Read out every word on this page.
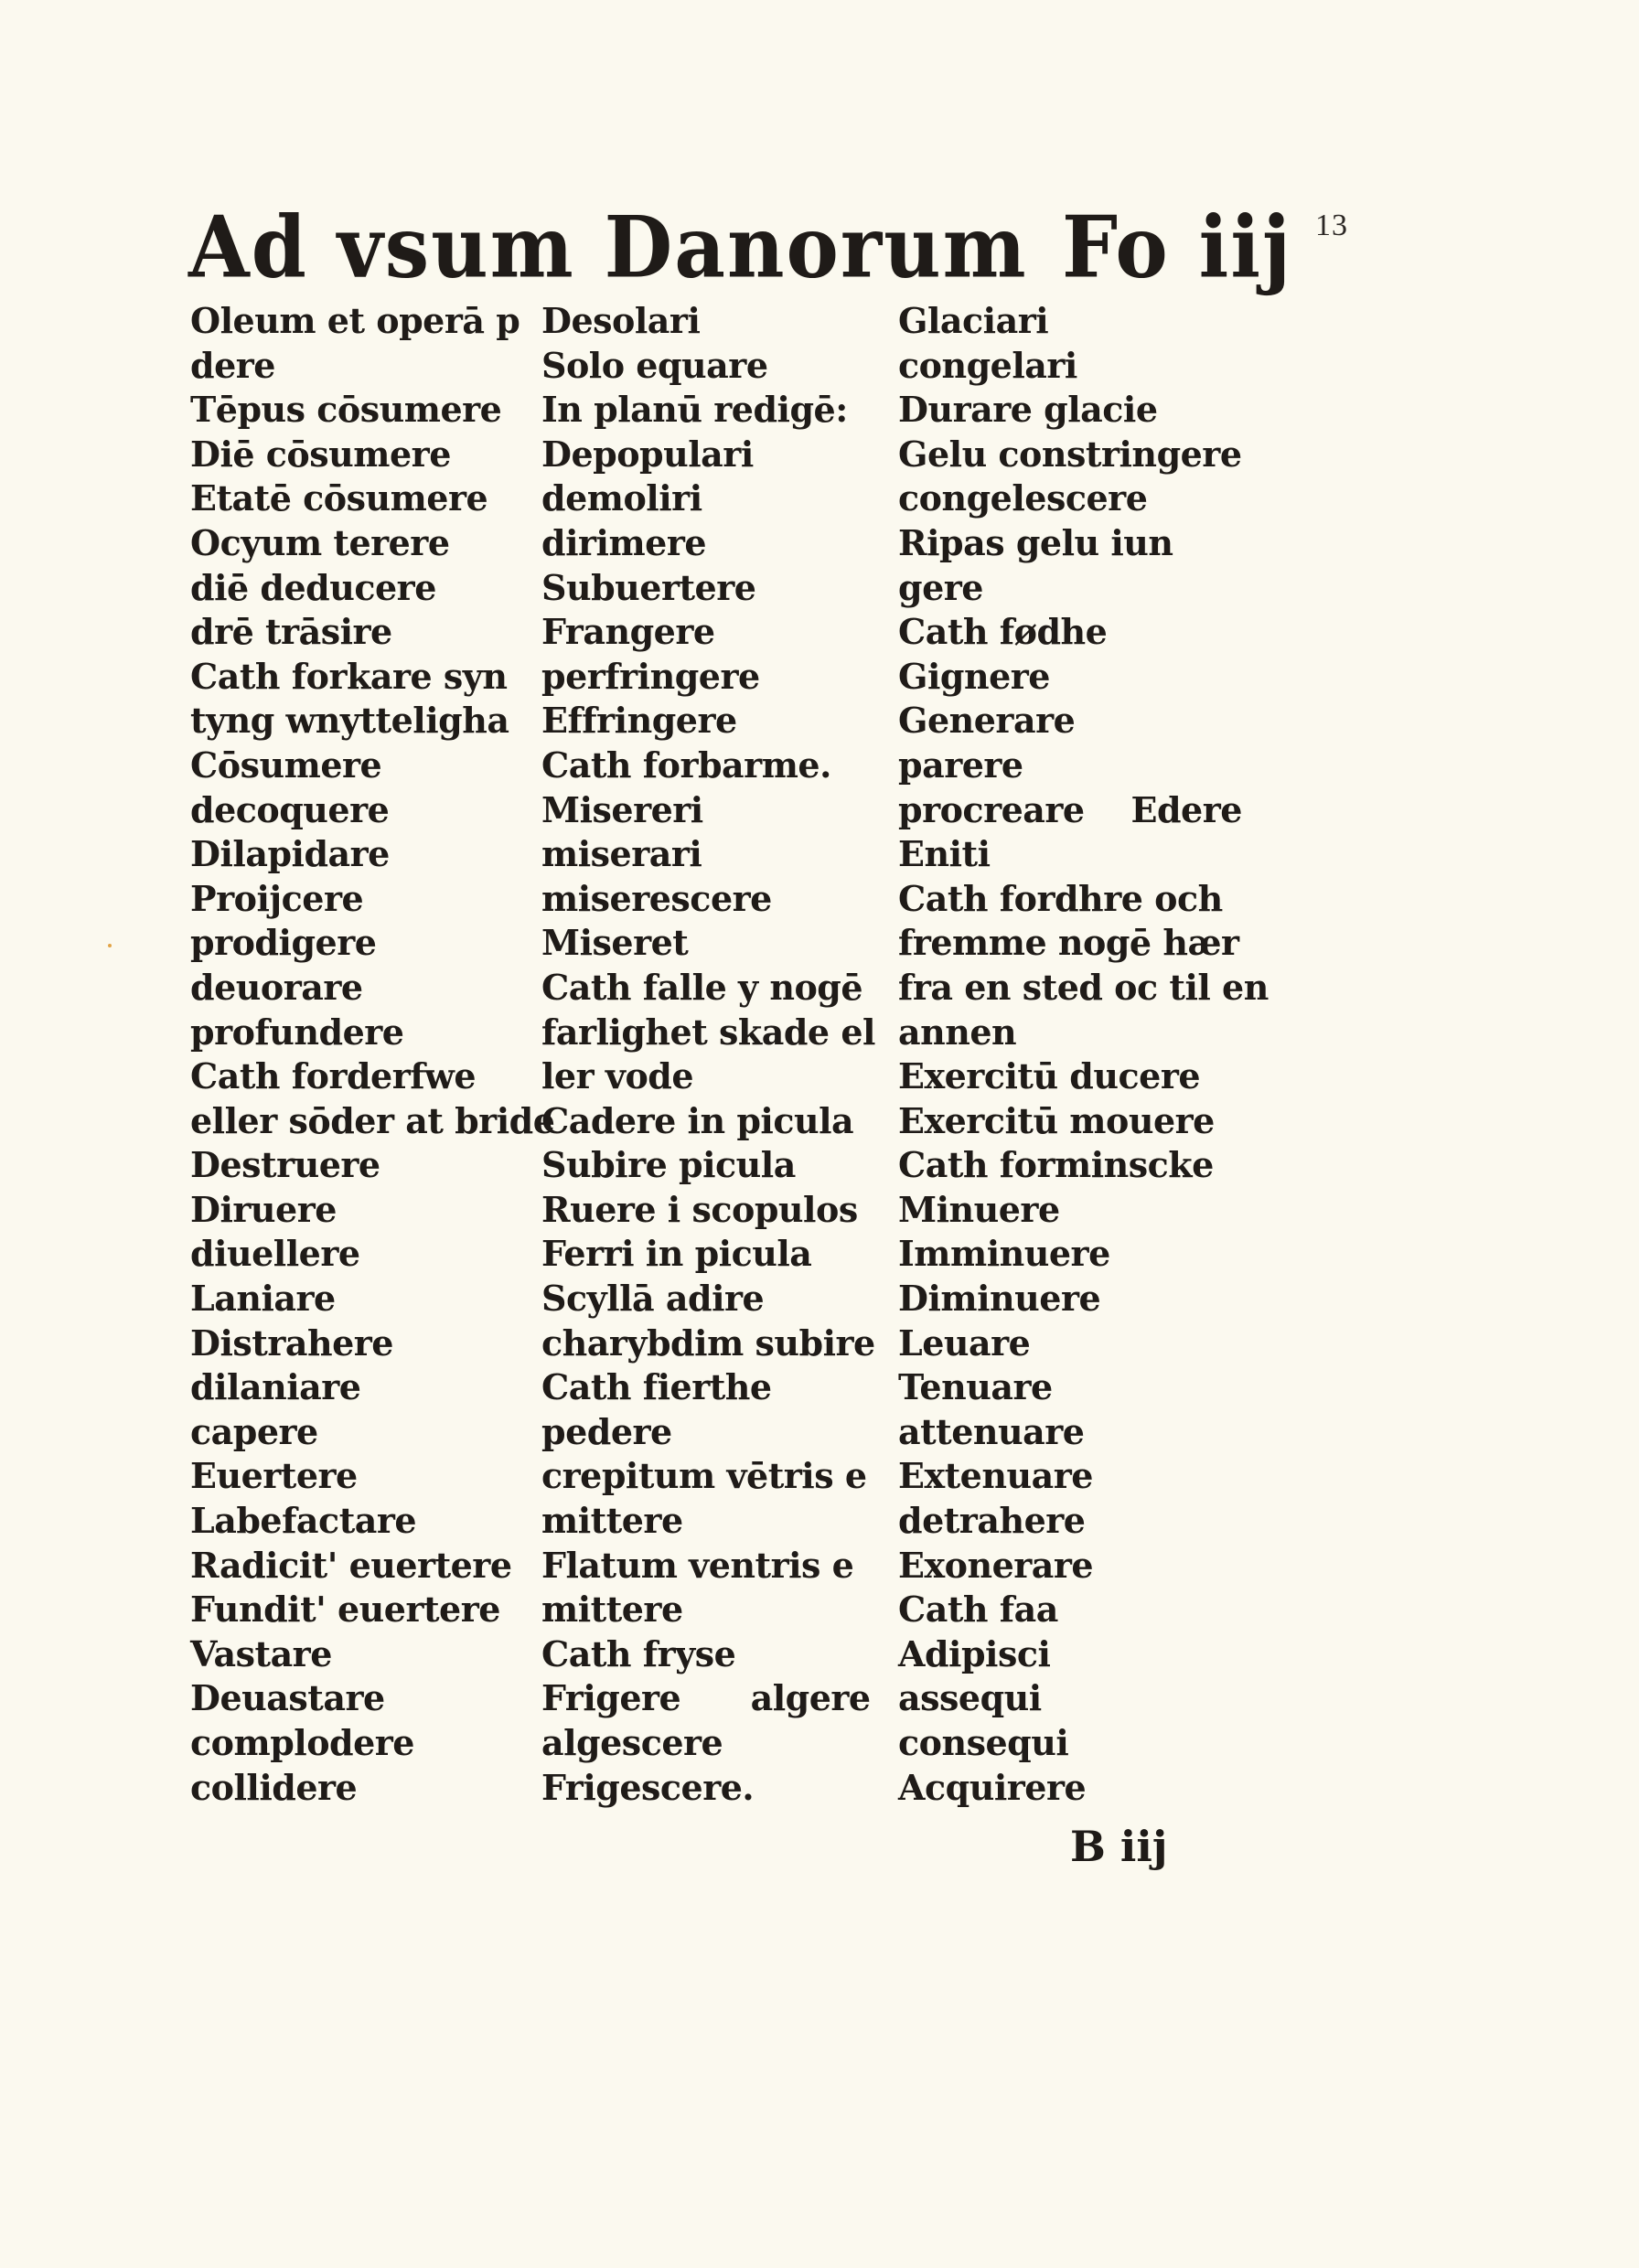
13
Ad vsum Danorum Fo iij
Oleum et operā p
dere
Tēpus cōsumere
Diē cōsumere
Etatē cōsumere
Ocyum terere
diē deducere
drē trāsire
Cath forkare syn
tyng wnytteligha
Cōsumere
decoquere
Dilapidare
Proijcere
prodigere
deuorare
profundere
Cath forderfwe
eller sōder at bride
Destruere
Diruere
diuellere
Laniare
Distrahere
dilaniare
capere
Euertere
Labefactare
Radicit' euertere
Fundit' euertere
Vastare
Deuastare
complodere
collidere
Desolari
Solo equare
In planū redigē:
Depopulari
demoliri
dirimere
Subuertere
Frangere
perfringere
Effringere
Cath forbarme.
Misereri
miserari
miserescere
Miseret
Cath falle y nogē
farlighet skade el
ler vode
Cadere in picula
Subire picula
Ruere i scopulos
Ferri in picula
Scyllā adire
charybdim subire
Cath fierthe
pedere
crepitum vētris e
mittere
Flatum ventris e
mittere
Cath fryse
Frigere      algere
algescere
Frigescere.
Glaciari
congelari
Durare glacie
Gelu constringere
congelescere
Ripas gelu iun
gere
Cath fødhe
Gignere
Generare
parere
procreare    Edere
Eniti
Cath fordhre och
fremme nogē hær
fra en sted oc til en
annen
Exercitū ducere
Exercitū mouere
Cath forminscke
Minuere
Imminuere
Diminuere
Leuare
Tenuare
attenuare
Extenuare
detrahere
Exonerare
Cath faa
Adipisci
assequi
consequi
Acquirere
B iij
